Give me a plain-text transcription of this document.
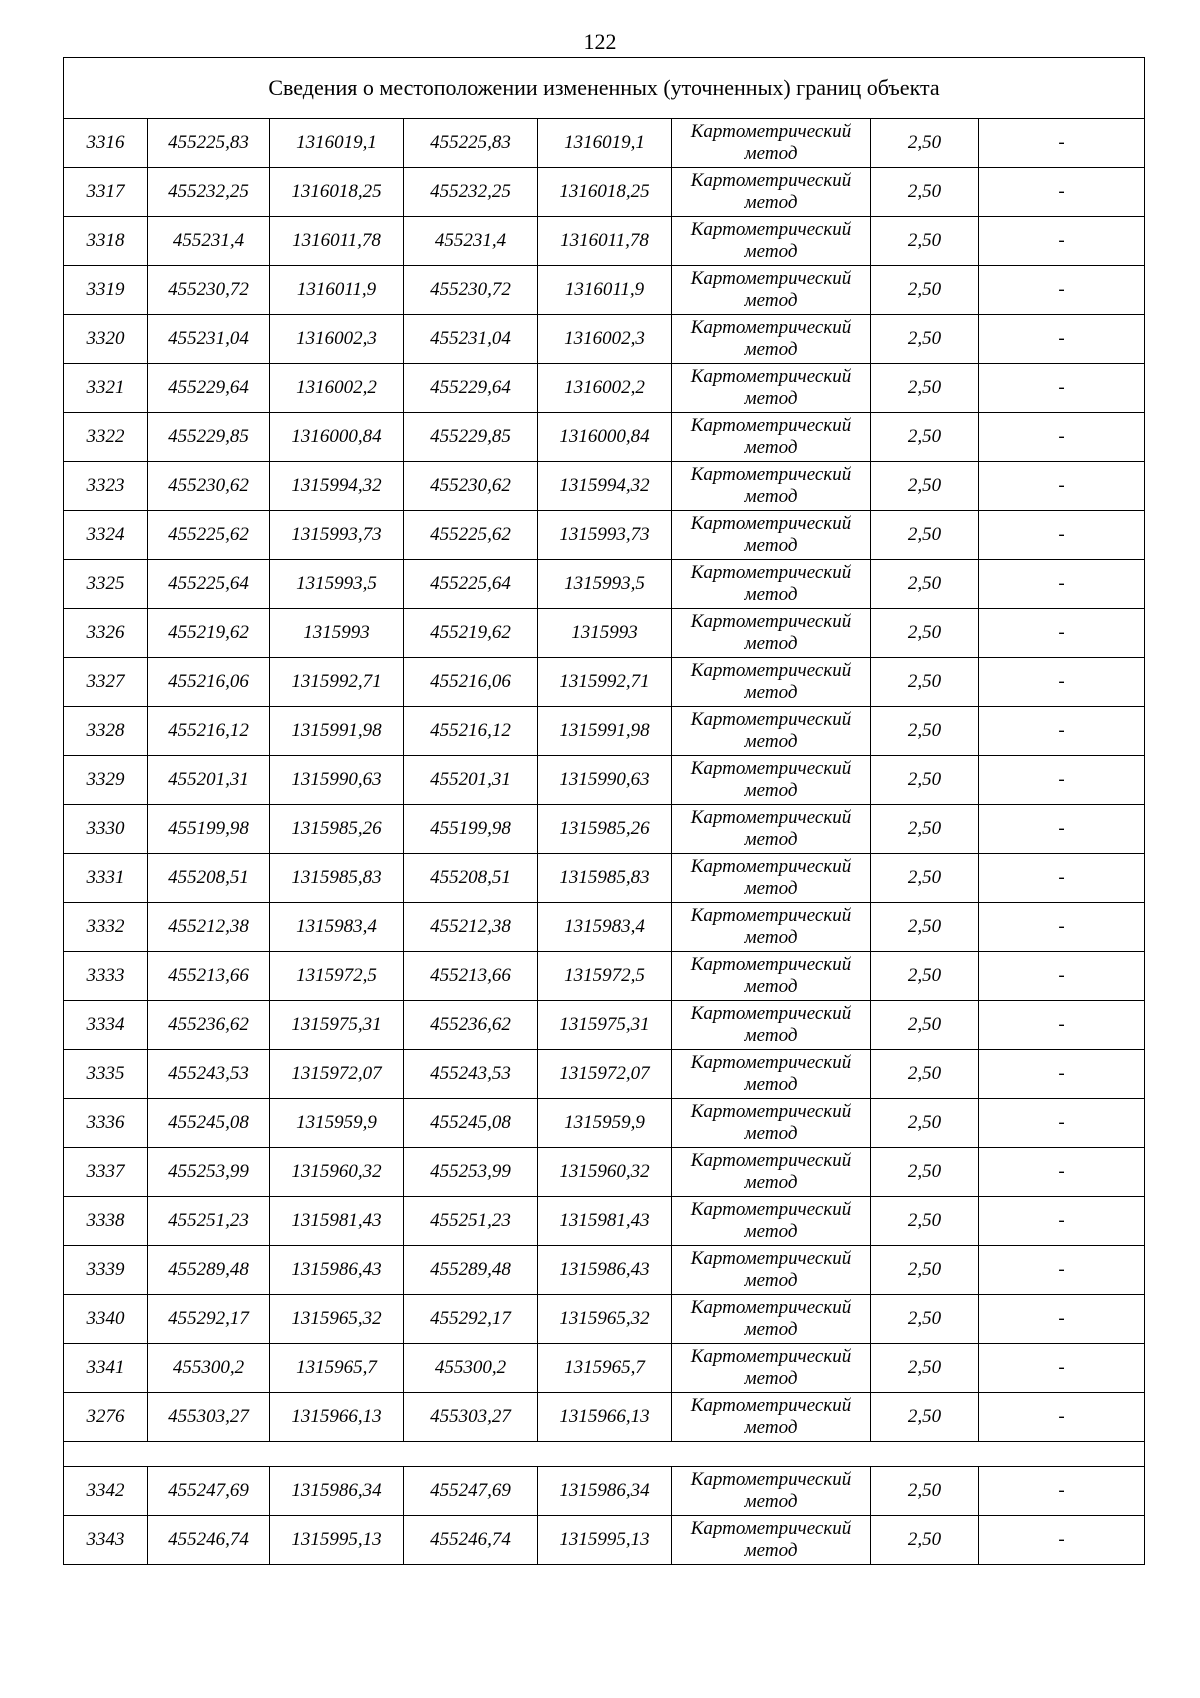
122
Сведения о местоположении измененных (уточненных) границ объекта							
3316	455225,83	1316019,1	455225,83	1316019,1	Картометрический метод	2,50	-
3317	455232,25	1316018,25	455232,25	1316018,25	Картометрический метод	2,50	-
3318	455231,4	1316011,78	455231,4	1316011,78	Картометрический метод	2,50	-
3319	455230,72	1316011,9	455230,72	1316011,9	Картометрический метод	2,50	-
3320	455231,04	1316002,3	455231,04	1316002,3	Картометрический метод	2,50	-
3321	455229,64	1316002,2	455229,64	1316002,2	Картометрический метод	2,50	-
3322	455229,85	1316000,84	455229,85	1316000,84	Картометрический метод	2,50	-
3323	455230,62	1315994,32	455230,62	1315994,32	Картометрический метод	2,50	-
3324	455225,62	1315993,73	455225,62	1315993,73	Картометрический метод	2,50	-
3325	455225,64	1315993,5	455225,64	1315993,5	Картометрический метод	2,50	-
3326	455219,62	1315993	455219,62	1315993	Картометрический метод	2,50	-
3327	455216,06	1315992,71	455216,06	1315992,71	Картометрический метод	2,50	-
3328	455216,12	1315991,98	455216,12	1315991,98	Картометрический метод	2,50	-
3329	455201,31	1315990,63	455201,31	1315990,63	Картометрический метод	2,50	-
3330	455199,98	1315985,26	455199,98	1315985,26	Картометрический метод	2,50	-
3331	455208,51	1315985,83	455208,51	1315985,83	Картометрический метод	2,50	-
3332	455212,38	1315983,4	455212,38	1315983,4	Картометрический метод	2,50	-
3333	455213,66	1315972,5	455213,66	1315972,5	Картометрический метод	2,50	-
3334	455236,62	1315975,31	455236,62	1315975,31	Картометрический метод	2,50	-
3335	455243,53	1315972,07	455243,53	1315972,07	Картометрический метод	2,50	-
3336	455245,08	1315959,9	455245,08	1315959,9	Картометрический метод	2,50	-
3337	455253,99	1315960,32	455253,99	1315960,32	Картометрический метод	2,50	-
3338	455251,23	1315981,43	455251,23	1315981,43	Картометрический метод	2,50	-
3339	455289,48	1315986,43	455289,48	1315986,43	Картометрический метод	2,50	-
3340	455292,17	1315965,32	455292,17	1315965,32	Картометрический метод	2,50	-
3341	455300,2	1315965,7	455300,2	1315965,7	Картометрический метод	2,50	-
3276	455303,27	1315966,13	455303,27	1315966,13	Картометрический метод	2,50	-

3342	455247,69	1315986,34	455247,69	1315986,34	Картометрический метод	2,50	-
3343	455246,74	1315995,13	455246,74	1315995,13	Картометрический метод	2,50	-
